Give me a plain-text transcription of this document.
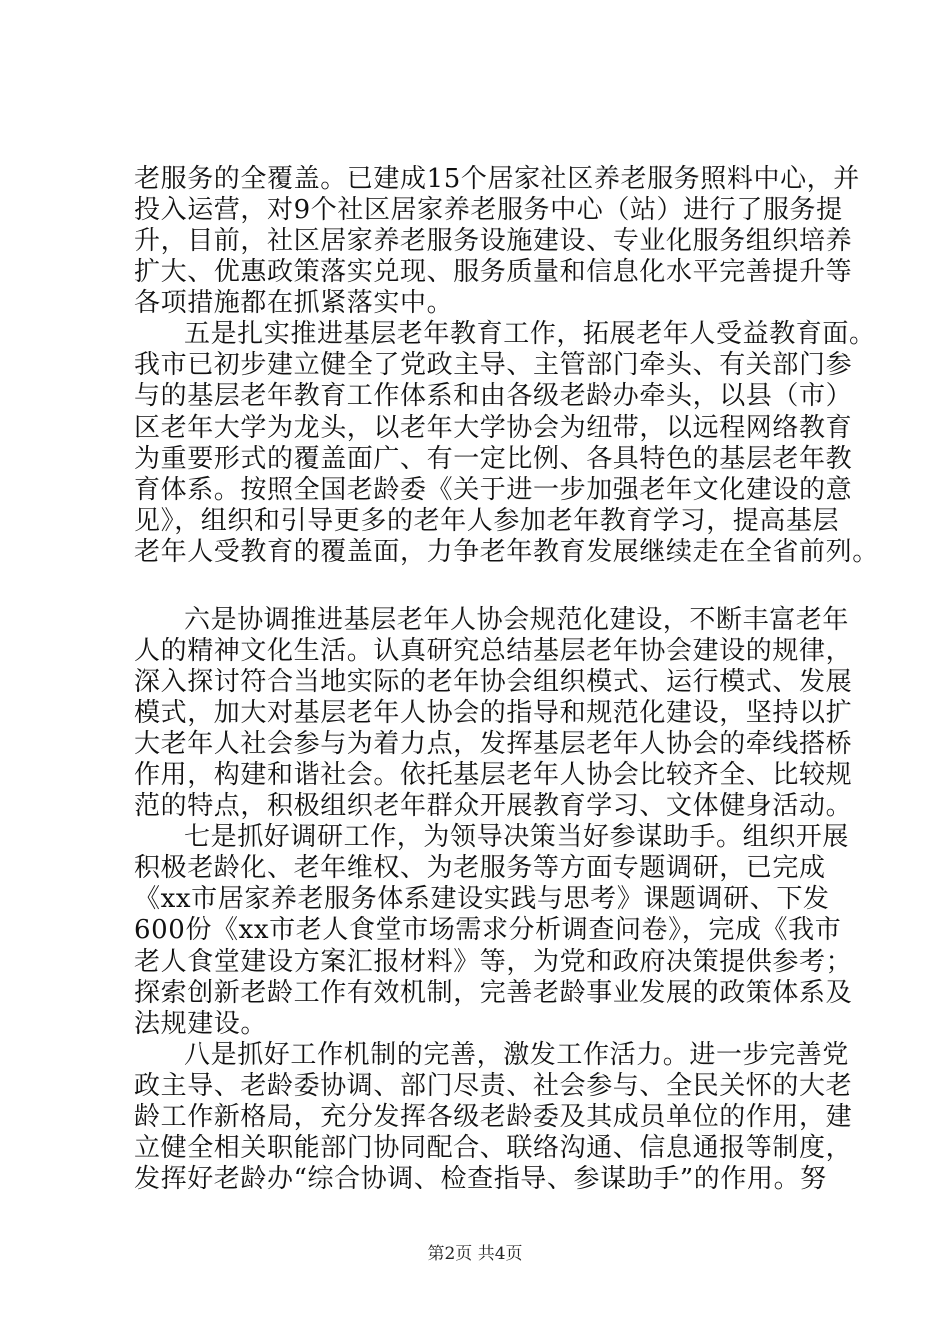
老服务的全覆盖。已建成15个居家社区养老服务照料中心，并
投入运营，对9个社区居家养老服务中心（站）进行了服务提
升，目前，社区居家养老服务设施建设、专业化服务组织培养
扩大、优惠政策落实兑现、服务质量和信息化水平完善提升等
各项措施都在抓紧落实中。
五是扎实推进基层老年教育工作，拓展老年人受益教育面。
我市已初步建立健全了党政主导、主管部门牵头、有关部门参
与的基层老年教育工作体系和由各级老龄办牵头，以县（市）
区老年大学为龙头，以老年大学协会为纽带，以远程网络教育
为重要形式的覆盖面广、有一定比例、各具特色的基层老年教
育体系。按照全国老龄委《关于进一步加强老年文化建设的意
见》，组织和引导更多的老年人参加老年教育学习，提高基层
老年人受教育的覆盖面，力争老年教育发展继续走在全省前列。
六是协调推进基层老年人协会规范化建设，不断丰富老年
人的精神文化生活。认真研究总结基层老年协会建设的规律，
深入探讨符合当地实际的老年协会组织模式、运行模式、发展
模式，加大对基层老年人协会的指导和规范化建设，坚持以扩
大老年人社会参与为着力点，发挥基层老年人协会的牵线搭桥
作用，构建和谐社会。依托基层老年人协会比较齐全、比较规
范的特点，积极组织老年群众开展教育学习、文体健身活动。
七是抓好调研工作，为领导决策当好参谋助手。组织开展
积极老龄化、老年维权、为老服务等方面专题调研，已完成
《xx市居家养老服务体系建设实践与思考》课题调研、下发
600份《xx市老人食堂市场需求分析调查问卷》，完成《我市
老人食堂建设方案汇报材料》等，为党和政府决策提供参考；
探索创新老龄工作有效机制，完善老龄事业发展的政策体系及
法规建设。
八是抓好工作机制的完善，激发工作活力。进一步完善党
政主导、老龄委协调、部门尽责、社会参与、全民关怀的大老
龄工作新格局，充分发挥各级老龄委及其成员单位的作用，建
立健全相关职能部门协同配合、联络沟通、信息通报等制度，
发挥好老龄办“综合协调、检查指导、参谋助手”的作用。努
第2页 共4页
